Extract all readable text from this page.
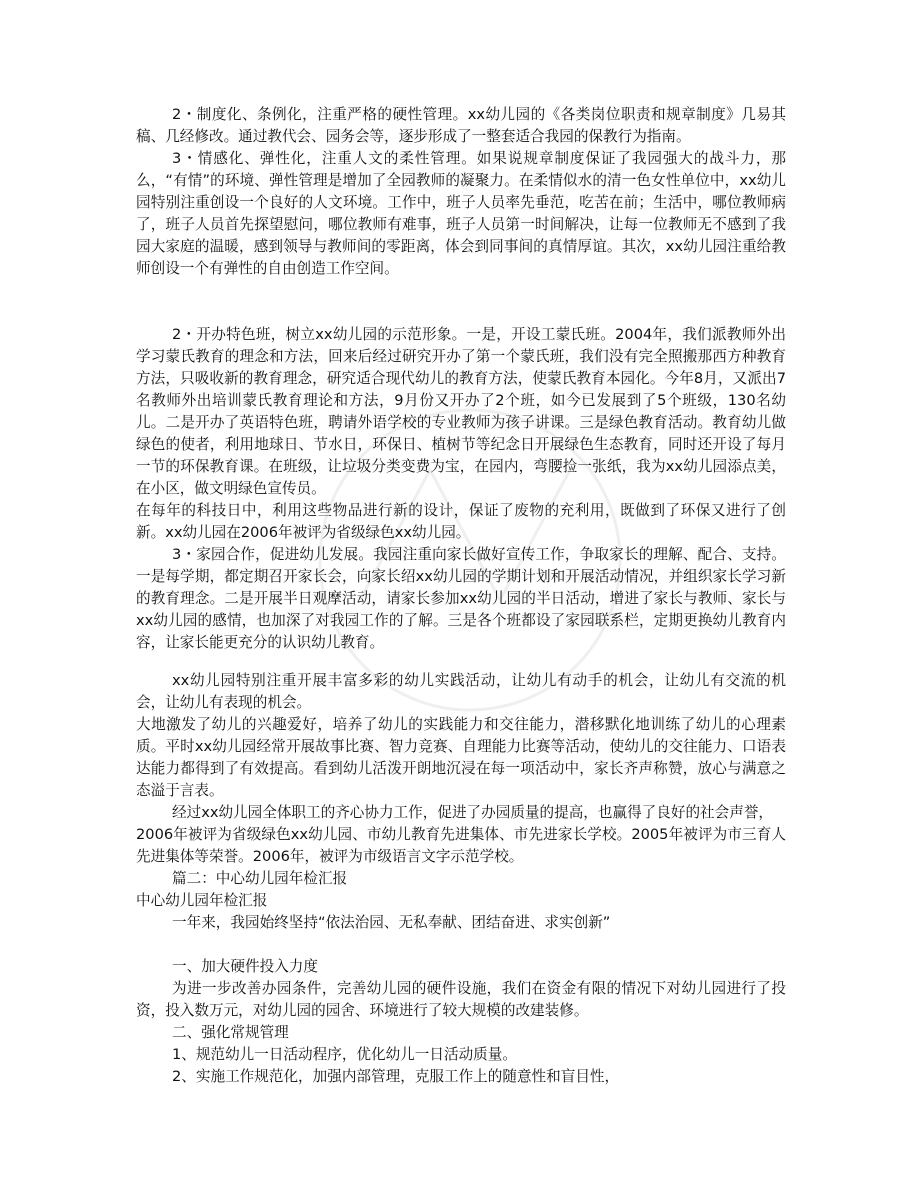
2・制度化、条例化，注重严格的硬性管理。xx幼儿园的《各类岗位职责和规章制度》几易其稿、几经修改。通过教代会、园务会等，逐步形成了一整套适合我园的保教行为指南。

3・情感化、弹性化，注重人文的柔性管理。如果说规章制度保证了我园强大的战斗力，那么，“有情”的环境、弹性管理是增加了全园教师的凝聚力。在柔情似水的清一色女性单位中，xx幼儿园特别注重创设一个良好的人文环境。工作中，班子人员率先垂范，吃苦在前；生活中，哪位教师病了，班子人员首先探望慰问，哪位教师有难事，班子人员第一时间解决，让每一位教师无不感到了我园大家庭的温暖，感到领导与教师间的零距离，体会到同事间的真情厚谊。其次，xx幼儿园注重给教师创设一个有弹性的自由创造工作空间。

2・开办特色班，树立xx幼儿园的示范形象。一是，开设工蒙氏班。2004年，我们派教师外出学习蒙氏教育的理念和方法，回来后经过研究开办了第一个蒙氏班，我们没有完全照搬那西方种教育方法，只吸收新的教育理念，研究适合现代幼儿的教育方法，使蒙氏教育本园化。今年8月，又派出7名教师外出培训蒙氏教育理论和方法，9月份又开办了2个班，如今已发展到了5个班级，130名幼儿。二是开办了英语特色班，聘请外语学校的专业教师为孩子讲课。三是绿色教育活动。教育幼儿做绿色的使者，利用地球日、节水日，环保日、植树节等纪念日开展绿色生态教育，同时还开设了每月一节的环保教育课。在班级，让垃圾分类变费为宝，在园内，弯腰捡一张纸，我为xx幼儿园添点美，在小区，做文明绿色宣传员。

在每年的科技日中，利用这些物品进行新的设计，保证了废物的充利用，既做到了环保又进行了创新。xx幼儿园在2006年被评为省级绿色xx幼儿园。

3・家园合作，促进幼儿发展。我园注重向家长做好宣传工作，争取家长的理解、配合、支持。一是每学期，都定期召开家长会，向家长绍xx幼儿园的学期计划和开展活动情况，并组织家长学习新的教育理念。二是开展半日观摩活动，请家长参加xx幼儿园的半日活动，增进了家长与教师、家长与xx幼儿园的感情，也加深了对我园工作的了解。三是各个班都设了家园联系栏，定期更换幼儿教育内容，让家长能更充分的认识幼儿教育。

xx幼儿园特别注重开展丰富多彩的幼儿实践活动，让幼儿有动手的机会，让幼儿有交流的机会，让幼儿有表现的机会。

大地激发了幼儿的兴趣爱好，培养了幼儿的实践能力和交往能力，潜移默化地训练了幼儿的心理素质。平时xx幼儿园经常开展故事比赛、智力竞赛、自理能力比赛等活动，使幼儿的交往能力、口语表达能力都得到了有效提高。看到幼儿活泼开朗地沉浸在每一项活动中，家长齐声称赞，放心与满意之态溢于言表。

经过xx幼儿园全体职工的齐心协力工作，促进了办园质量的提高，也赢得了良好的社会声誉，

2006年被评为省级绿色xx幼儿园、市幼儿教育先进集体、市先进家长学校。2005年被评为市三育人先进集体等荣誉。2006年，被评为市级语言文字示范学校。

篇二：中心幼儿园年检汇报

中心幼儿园年检汇报

一年来，我园始终坚持“依法治园、无私奉献、团结奋进、求实创新”

一、加大硬件投入力度

为进一步改善办园条件，完善幼儿园的硬件设施，我们在资金有限的情况下对幼儿园进行了投资，投入数万元，对幼儿园的园舍、环境进行了较大规模的改建装修。

二、强化常规管理

1、规范幼儿一日活动程序，优化幼儿一日活动质量。

2、实施工作规范化，加强内部管理，克服工作上的随意性和盲目性，
